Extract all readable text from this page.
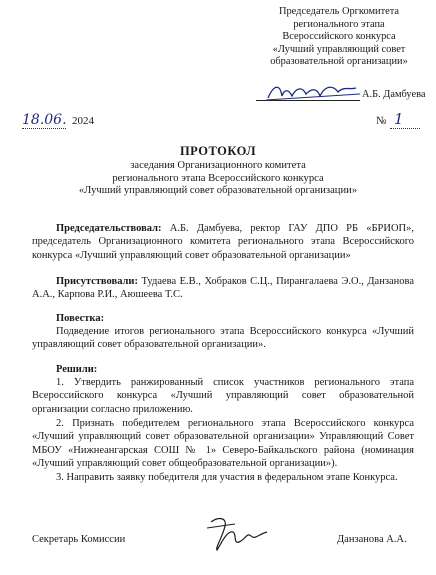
Председатель Оргкомитета
регионального этапа
Всероссийского конкурса
«Лучший управляющий совет
образовательной организации»
А.Б. Дамбуева
18.06. 2024	№ 1
ПРОТОКОЛ
заседания Организационного комитета
регионального этапа Всероссийского конкурса
«Лучший управляющий совет образовательной организации»
Председательствовал: А.Б. Дамбуева, ректор ГАУ ДПО РБ «БРИОП», председатель Организационного комитета регионального этапа Всероссийского конкурса «Лучший управляющий совет образовательной организации»
Присутствовали: Тудаева Е.В., Хобраков С.Ц., Пирангалаева Э.О., Данзанова А.А., Карпова Р.И., Аюшеева Т.С.
Повестка:
Подведение итогов регионального этапа Всероссийского конкурса «Лучший управляющий совет образовательной организации».
Решили:
1. Утвердить ранжированный список участников регионального этапа Всероссийского конкурса «Лучший управляющий совет образовательной организации согласно приложению.
2. Признать победителем регионального этапа Всероссийского конкурса «Лучший управляющий совет образовательной организации» Управляющий Совет МБОУ «Нижнеангарская СОШ № 1» Северо-Байкальского района (номинация «Лучший управляющий совет общеобразовательной организации»).
3. Направить заявку победителя для участия в федеральном этапе Конкурса.
Секретарь Комиссии	Данзанова А.А.
